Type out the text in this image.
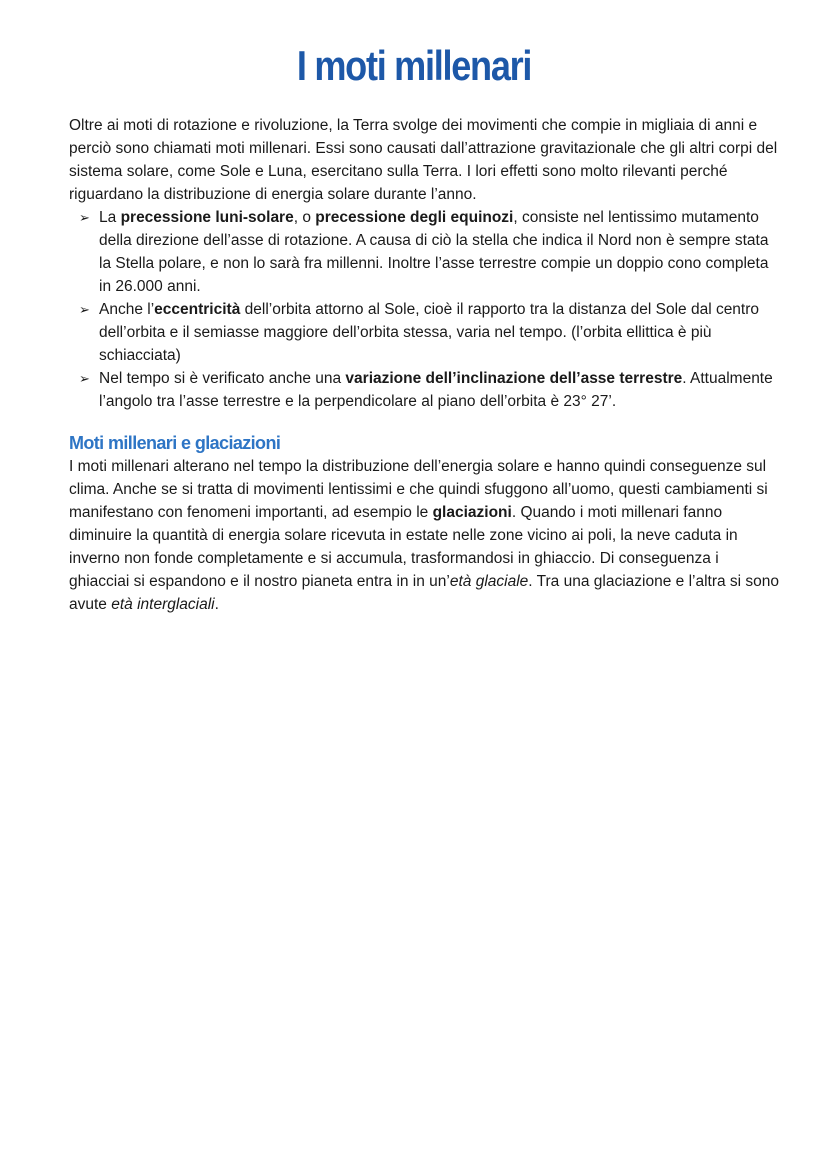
I moti millenari

Oltre ai moti di rotazione e rivoluzione, la Terra svolge dei movimenti che compie in migliaia di anni e perciò sono chiamati moti millenari. Essi sono causati dall’attrazione gravitazionale che gli altri corpi del sistema solare, come Sole e Luna, esercitano sulla Terra. I lori effetti sono molto rilevanti perché riguardano la distribuzione di energia solare durante l’anno.

➢ La precessione luni-solare, o precessione degli equinozi, consiste nel lentissimo mutamento della direzione dell’asse di rotazione. A causa di ciò la stella che indica il Nord non è sempre stata la Stella polare, e non lo sarà fra millenni. Inoltre l’asse terrestre compie un doppio cono completa in 26.000 anni.
➢ Anche l’eccentricità dell’orbita attorno al Sole, cioè il rapporto tra la distanza del Sole dal centro dell’orbita e il semiasse maggiore dell’orbita stessa, varia nel tempo. (l’orbita ellittica è più schiacciata)
➢ Nel tempo si è verificato anche una variazione dell’inclinazione dell’asse terrestre. Attualmente l’angolo tra l’asse terrestre e la perpendicolare al piano dell’orbita è 23° 27’.
Moti millenari e glaciazioni

I moti millenari alterano nel tempo la distribuzione dell’energia solare e hanno quindi conseguenze sul clima. Anche se si tratta di movimenti lentissimi e che quindi sfuggono all’uomo, questi cambiamenti si manifestano con fenomeni importanti, ad esempio le glaciazioni. Quando i moti millenari fanno diminuire la quantità di energia solare ricevuta in estate nelle zone vicino ai poli, la neve caduta in inverno non fonde completamente e si accumula, trasformandosi in ghiaccio. Di conseguenza i ghiacciai si espandono e il nostro pianeta entra in in un’età glaciale. Tra una glaciazione e l’altra si sono avute età interglaciali.
